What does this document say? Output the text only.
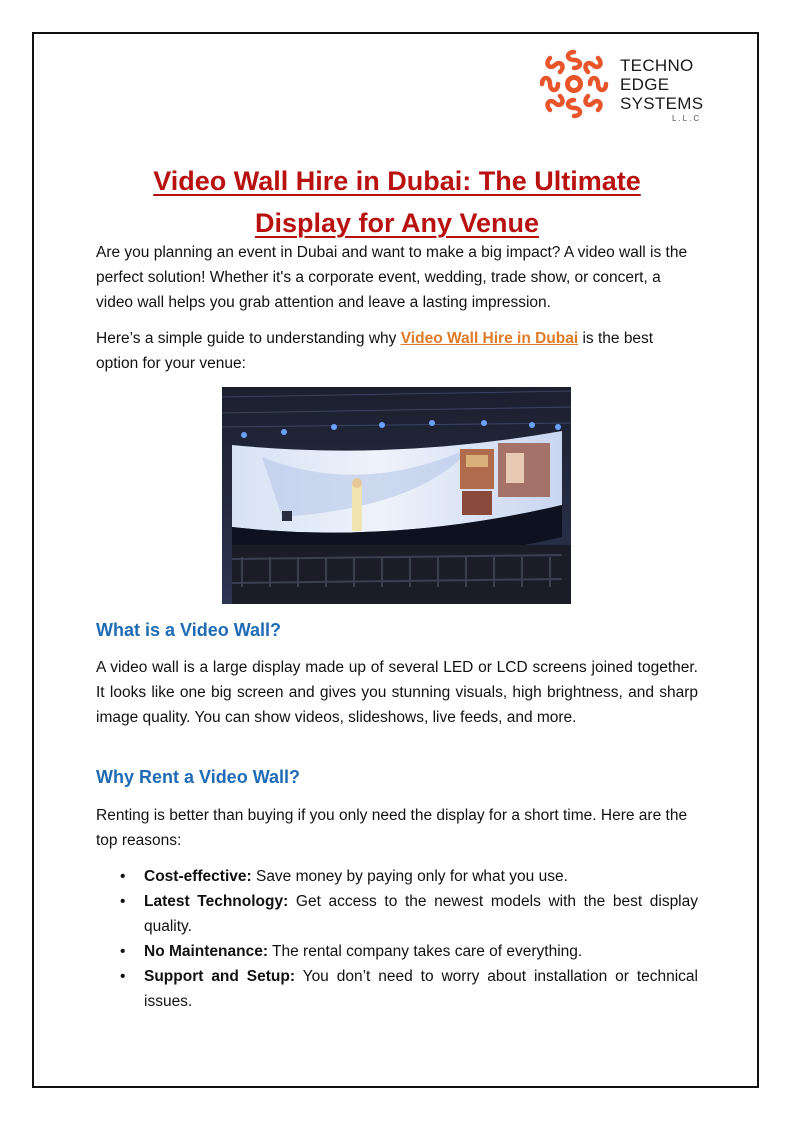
TECHNO
EDGE
SYSTEMS
L.L.C
Video Wall Hire in Dubai: The Ultimate
Display for Any Venue
Are you planning an event in Dubai and want to make a big impact? A video wall is the perfect solution! Whether it's a corporate event, wedding, trade show, or concert, a video wall helps you grab attention and leave a lasting impression.
Here’s a simple guide to understanding why Video Wall Hire in Dubai is the best option for your venue:
What is a Video Wall?
A video wall is a large display made up of several LED or LCD screens joined together. It looks like one big screen and gives you stunning visuals, high brightness, and sharp image quality. You can show videos, slideshows, live feeds, and more.
Why Rent a Video Wall?
Renting is better than buying if you only need the display for a short time. Here are the top reasons:
• Cost-effective: Save money by paying only for what you use.
• Latest Technology: Get access to the newest models with the best display quality.
• No Maintenance: The rental company takes care of everything.
• Support and Setup: You don’t need to worry about installation or technical issues.
